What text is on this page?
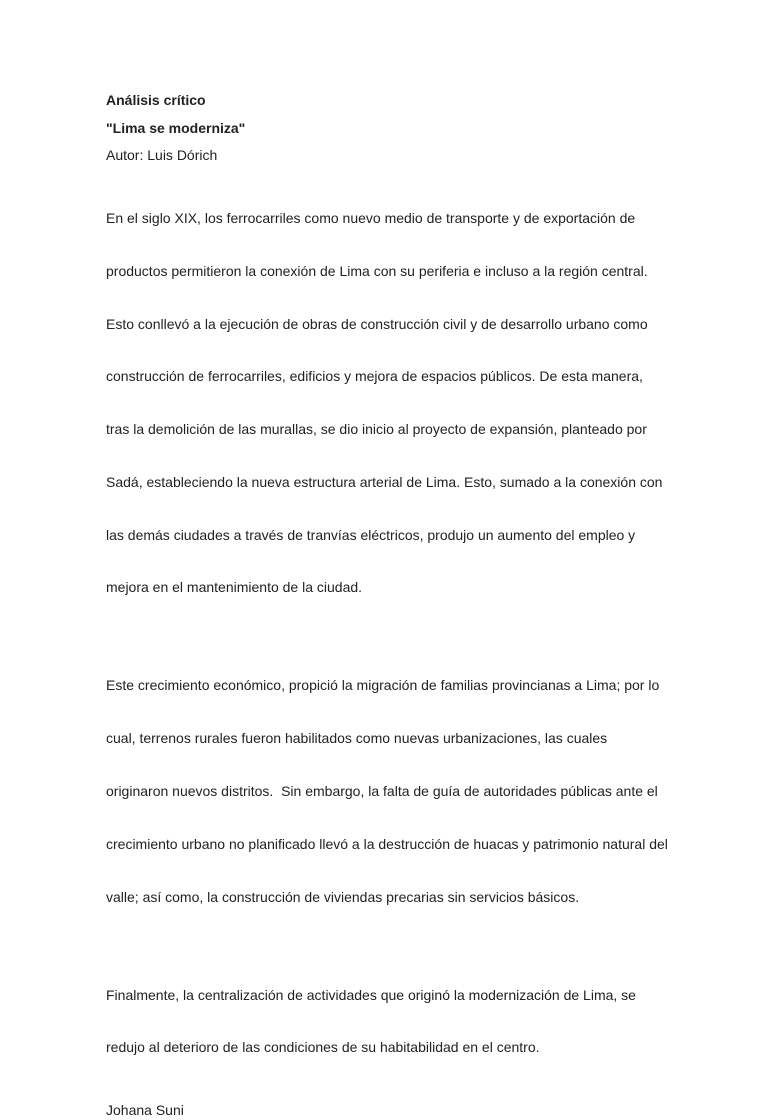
Análisis crítico

"Lima se moderniza"

Autor: Luis Dórich

En el siglo XIX, los ferrocarriles como nuevo medio de transporte y de exportación de

productos permitieron la conexión de Lima con su periferia e incluso a la región central.

Esto conllevó a la ejecución de obras de construcción civil y de desarrollo urbano como

construcción de ferrocarriles, edificios y mejora de espacios públicos. De esta manera,

tras la demolición de las murallas, se dio inicio al proyecto de expansión, planteado por

Sadá, estableciendo la nueva estructura arterial de Lima. Esto, sumado a la conexión con

las demás ciudades a través de tranvías eléctricos, produjo un aumento del empleo y

mejora en el mantenimiento de la ciudad.

Este crecimiento económico, propició la migración de familias provincianas a Lima; por lo

cual, terrenos rurales fueron habilitados como nuevas urbanizaciones, las cuales

originaron nuevos distritos.  Sin embargo, la falta de guía de autoridades públicas ante el

crecimiento urbano no planificado llevó a la destrucción de huacas y patrimonio natural del

valle; así como, la construcción de viviendas precarias sin servicios básicos.

Finalmente, la centralización de actividades que originó la modernización de Lima, se

redujo al deterioro de las condiciones de su habitabilidad en el centro.

Johana Suni
